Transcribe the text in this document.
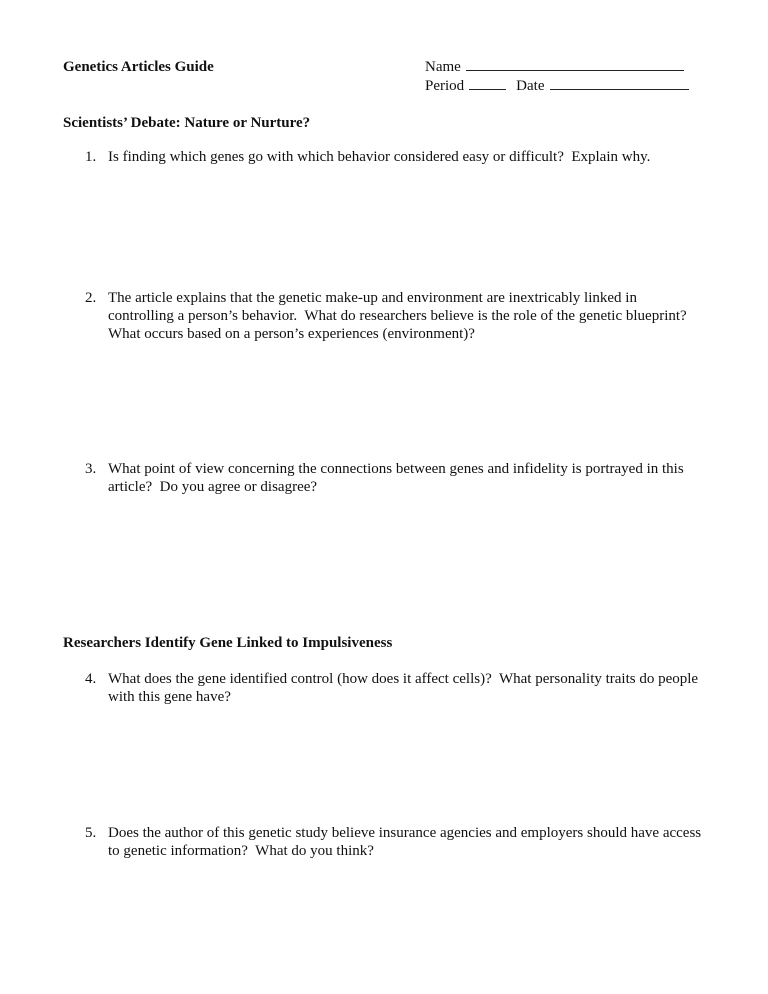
Genetics Articles Guide	Name
Period	Date
Scientists’ Debate: Nature or Nurture?
1. Is finding which genes go with which behavior considered easy or difficult?  Explain why.
2. The article explains that the genetic make-up and environment are inextricably linked in controlling a person’s behavior.  What do researchers believe is the role of the genetic blueprint? What occurs based on a person’s experiences (environment)?
3. What point of view concerning the connections between genes and infidelity is portrayed in this article?  Do you agree or disagree?
Researchers Identify Gene Linked to Impulsiveness
4. What does the gene identified control (how does it affect cells)?  What personality traits do people with this gene have?
5. Does the author of this genetic study believe insurance agencies and employers should have access to genetic information?  What do you think?
